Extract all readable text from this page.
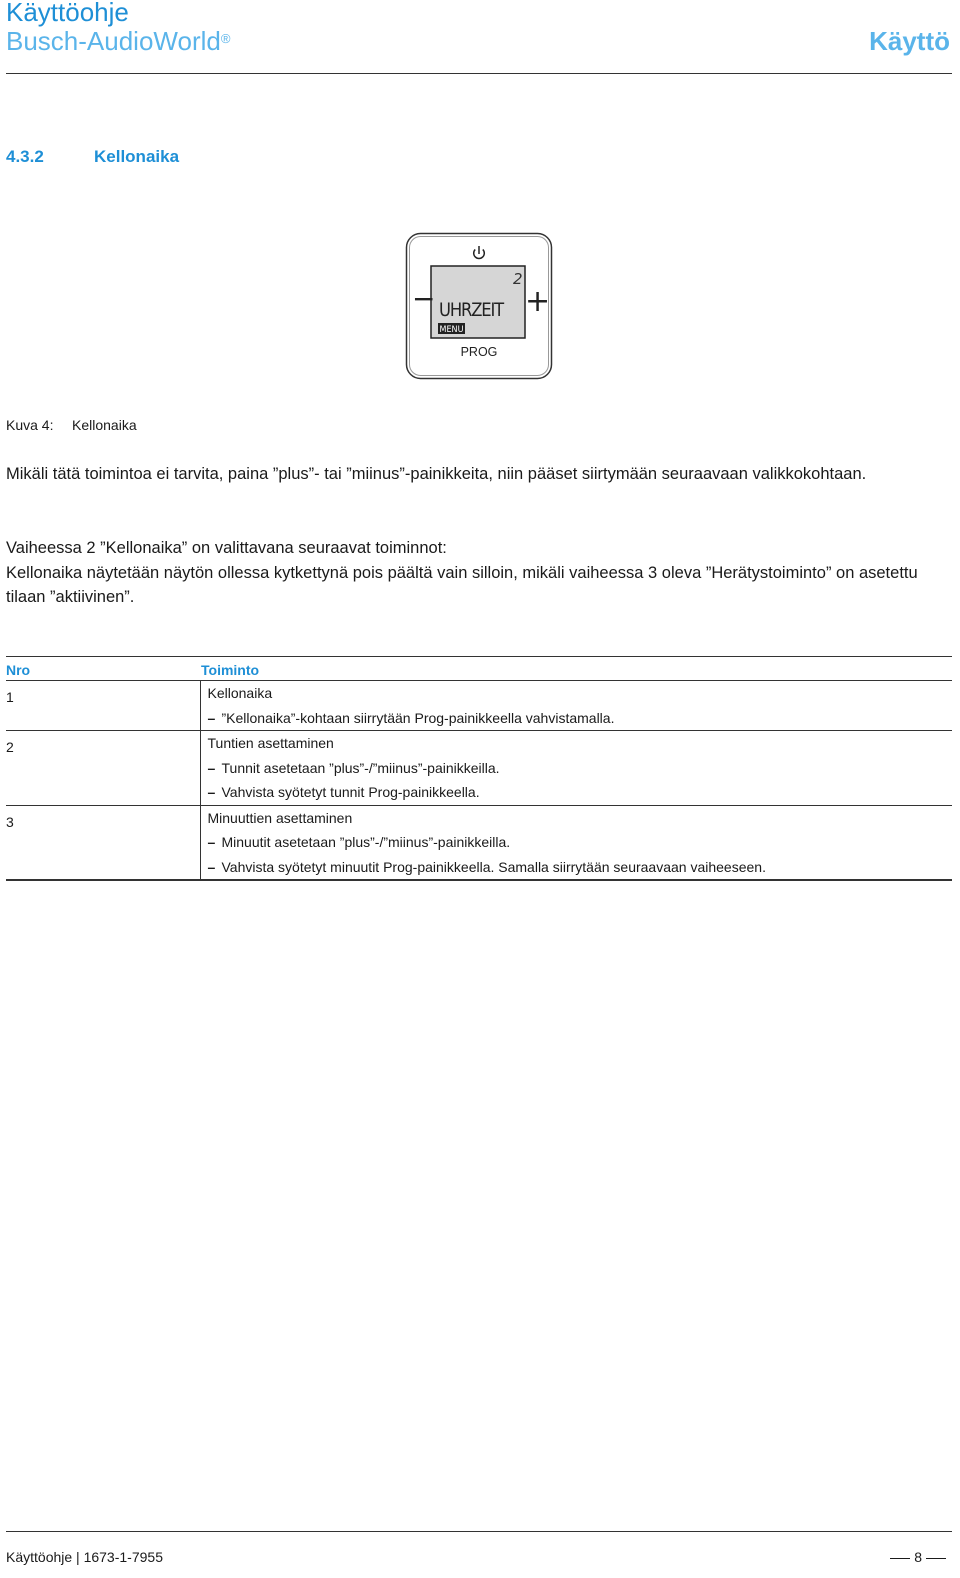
Käyttöohje
Busch-AudioWorld®	Käyttö
4.3.2	Kellonaika
2
UHRZEIT
MENU
−	+
PROG
Kuva 4: Kellonaika
Mikäli tätä toimintoa ei tarvita, paina ”plus”- tai ”miinus”-painikkeita, niin pääset siirtymään seuraavaan valikkokohtaan.
Vaiheessa 2 ”Kellonaika” on valittavana seuraavat toiminnot:
Kellonaika näytetään näytön ollessa kytkettynä pois päältä vain silloin, mikäli vaiheessa 3 oleva ”Herätystoiminto” on asetettu tilaan ”aktiivinen”.
Nro	Toiminto

1	Kellonaika
– ”Kellonaika”-kohtaan siirrytään Prog-painikkeella vahvistamalla.

2	Tuntien asettaminen
– Tunnit asetetaan ”plus”-/”miinus”-painikkeilla.
– Vahvista syötetyt tunnit Prog-painikkeella.

3	Minuuttien asettaminen
– Minuutit asetetaan ”plus”-/”miinus”-painikkeilla.
– Vahvista syötetyt minuutit Prog-painikkeella. Samalla siirrytään seuraavaan vaiheeseen.
Käyttöohje | 1673-1-7955	8
